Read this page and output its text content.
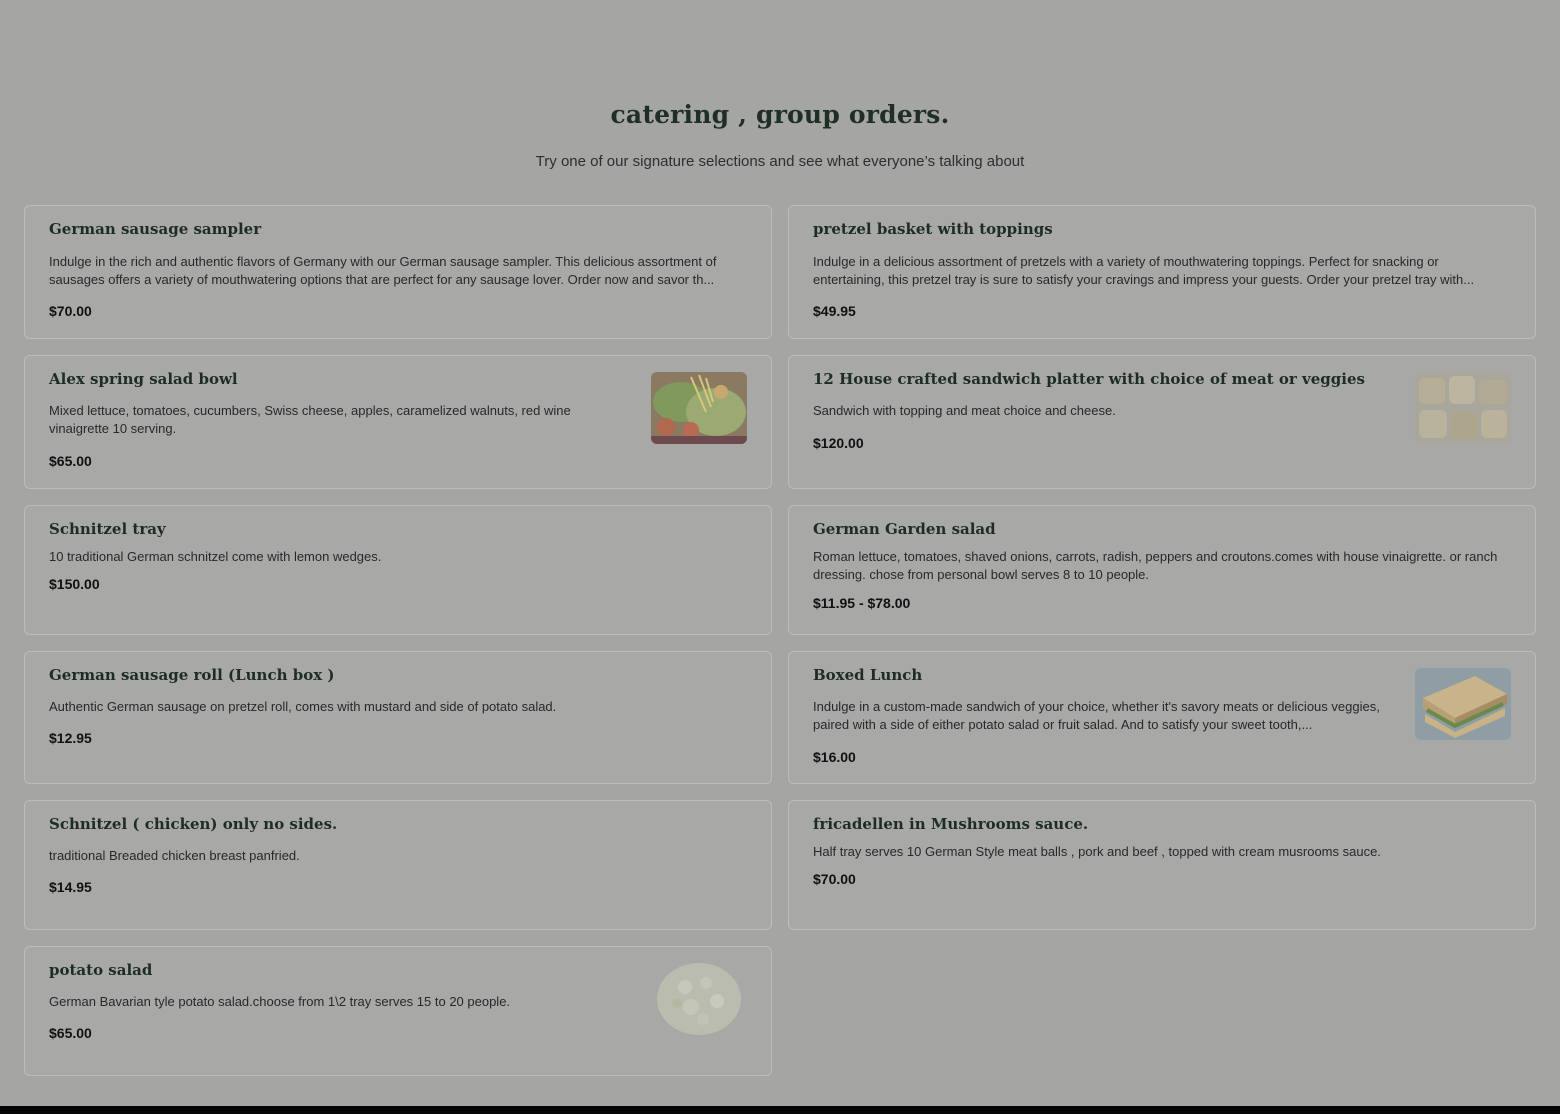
catering , group orders.
Try one of our signature selections and see what everyone’s talking about
German sausage sampler
Indulge in the rich and authentic flavors of Germany with our German sausage sampler. This delicious assortment of sausages offers a variety of mouthwatering options that are perfect for any sausage lover. Order now and savor th...
$70.00
pretzel basket with toppings
Indulge in a delicious assortment of pretzels with a variety of mouthwatering toppings. Perfect for snacking or entertaining, this pretzel tray is sure to satisfy your cravings and impress your guests. Order your pretzel tray with...
$49.95
Alex spring salad bowl
Mixed lettuce, tomatoes, cucumbers, Swiss cheese, apples, caramelized walnuts, red wine vinaigrette 10 serving.
$65.00
12 House crafted sandwich platter with choice of meat or veggies
Sandwich with topping and meat choice and cheese.
$120.00
Schnitzel tray
10 traditional German schnitzel come with lemon wedges.
$150.00
German Garden salad
Roman lettuce, tomatoes, shaved onions, carrots, radish, peppers and croutons.comes with house vinaigrette. or ranch dressing. chose from personal bowl serves 8 to 10 people.
$11.95 - $78.00
German sausage roll (Lunch box )
Authentic German sausage on pretzel roll, comes with mustard and side of potato salad.
$12.95
Boxed Lunch
Indulge in a custom-made sandwich of your choice, whether it's savory meats or delicious veggies, paired with a side of either potato salad or fruit salad. And to satisfy your sweet tooth,...
$16.00
Schnitzel ( chicken) only no sides.
traditional Breaded chicken breast panfried.
$14.95
fricadellen in Mushrooms sauce.
Half tray serves 10 German Style meat balls , pork and beef , topped with cream musrooms sauce.
$70.00
potato salad
German Bavarian tyle potato salad.choose from 1\2 tray serves 15 to 20 people.
$65.00
